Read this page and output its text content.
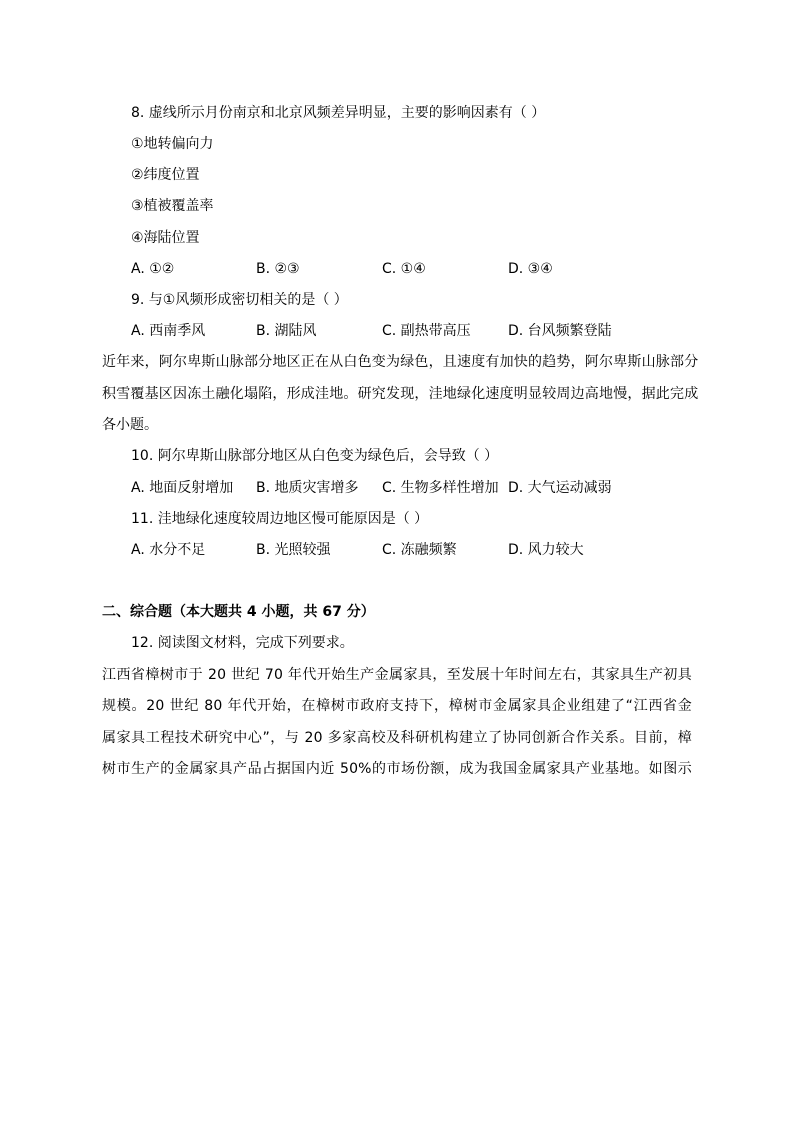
8. 虚线所示月份南京和北京风频差异明显，主要的影响因素有（ ）
①地转偏向力
②纬度位置
③植被覆盖率
④海陆位置
A. ①②	B. ②③	C. ①④	D. ③④
9. 与①风频形成密切相关的是（ ）
A. 西南季风	B. 湖陆风	C. 副热带高压	D. 台风频繁登陆
近年来，阿尔卑斯山脉部分地区正在从白色变为绿色，且速度有加快的趋势，阿尔卑斯山脉部分
积雪覆基区因冻土融化塌陷，形成洼地。研究发现，洼地绿化速度明显较周边高地慢，据此完成
各小题。
10. 阿尔卑斯山脉部分地区从白色变为绿色后，会导致（ ）
A. 地面反射增加 B. 地质灾害增多 C. 生物多样性增加 D. 大气运动减弱
11. 洼地绿化速度较周边地区慢可能原因是（ ）
A. 水分不足	B. 光照较强	C. 冻融频繁	D. 风力较大
二、综合题（本大题共 4 小题，共 67 分）
12. 阅读图文材料，完成下列要求。
江西省樟树市于 20 世纪 70 年代开始生产金属家具，至发展十年时间左右，其家具生产初具
规模。20 世纪 80 年代开始，在樟树市政府支持下，樟树市金属家具企业组建了“江西省金
属家具工程技术研究中心”，与 20 多家高校及科研机构建立了协同创新合作关系。目前，樟
树市生产的金属家具产品占据国内近 50%的市场份额，成为我国金属家具产业基地。如图示
